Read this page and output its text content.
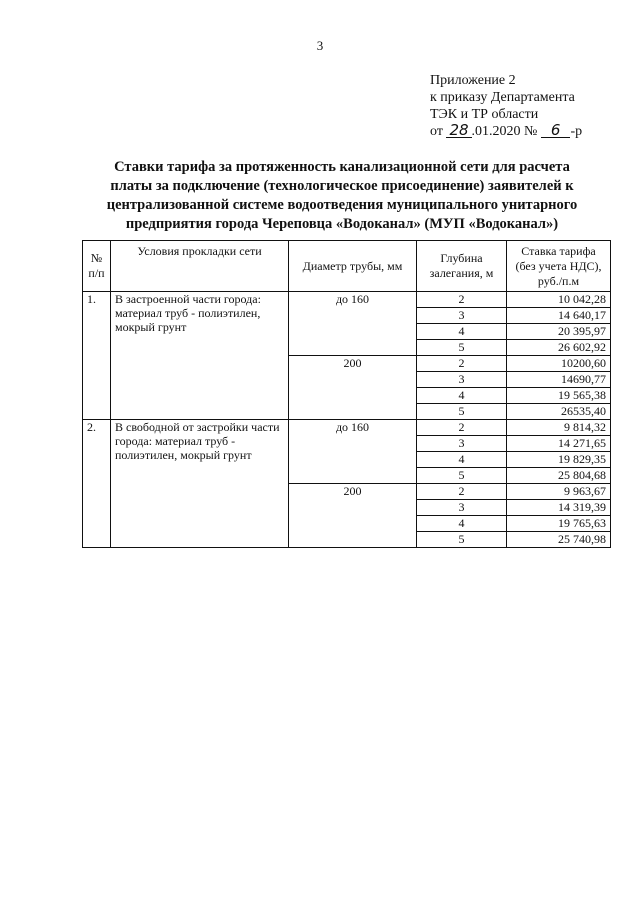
3
Приложение 2
к приказу Департамента
ТЭК и ТР области
от 28 .01.2020 № 6 -р
Ставки тарифа за протяженность канализационной сети для расчета платы за подключение (технологическое присоединение) заявителей к централизованной системе водоотведения муниципального унитарного предприятия города Череповца «Водоканал» (МУП «Водоканал»)
№ п/п	Условия прокладки сети	Диаметр трубы, мм	Глубина залегания, м	Ставка тарифа (без учета НДС), руб./п.м
1.	В застроенной части города: материал труб - полиэтилен, мокрый грунт	до 160	2	10 042,28
			3	14 640,17
			4	20 395,97
			5	26 602,92
		200	2	10200,60
			3	14690,77
			4	19 565,38
			5	26535,40
2.	В свободной от застройки части города: материал труб - полиэтилен, мокрый грунт	до 160	2	9 814,32
			3	14 271,65
			4	19 829,35
			5	25 804,68
		200	2	9 963,67
			3	14 319,39
			4	19 765,63
			5	25 740,98
